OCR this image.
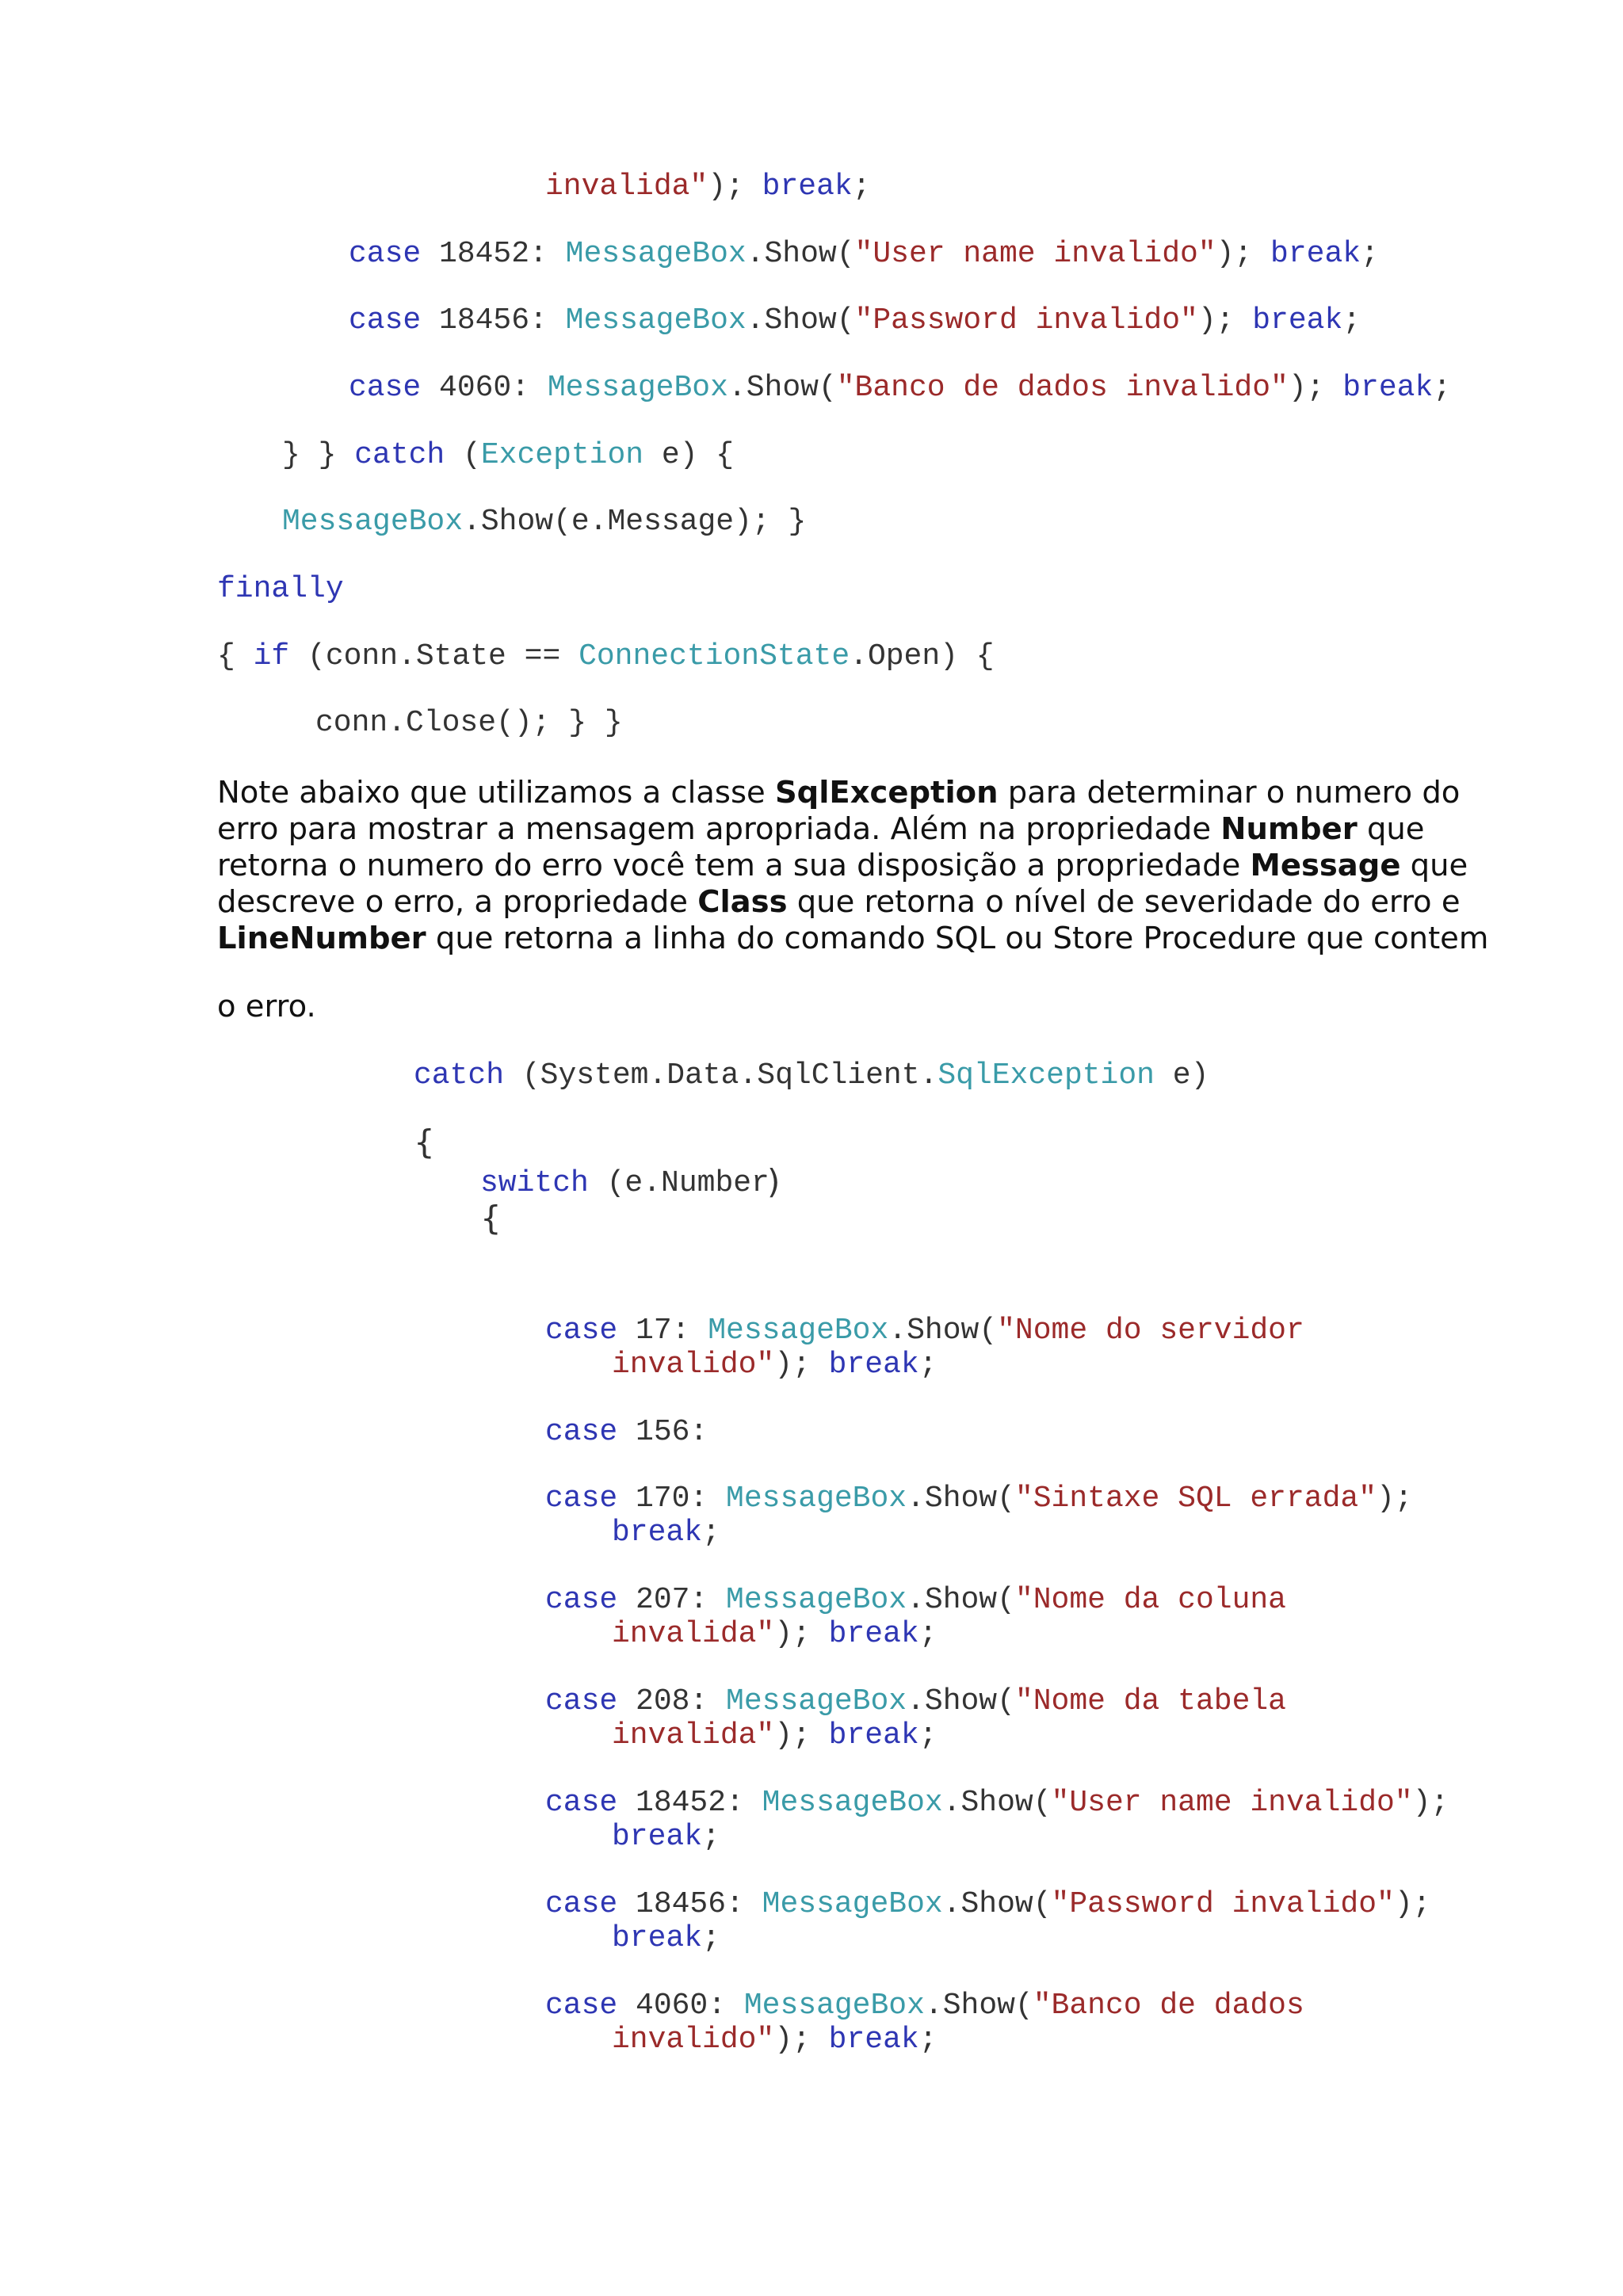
invalida"); break;
case 18452: MessageBox.Show("User name invalido"); break;
case 18456: MessageBox.Show("Password invalido"); break;
case 4060: MessageBox.Show("Banco de dados invalido"); break;
} } catch (Exception e) {
MessageBox.Show(e.Message); }
finally
{ if (conn.State == ConnectionState.Open) {
conn.Close(); } }

Note abaixo que utilizamos a classe SqlException para determinar o numero do erro para mostrar a mensagem apropriada. Além na propriedade Number que retorna o numero do erro você tem a sua disposição a propriedade Message que descreve o erro, a propriedade Class que retorna o nível de severidade do erro e LineNumber que retorna a linha do comando SQL ou Store Procedure que contem

o erro.

catch (System.Data.SqlClient.SqlException e)
switch (e.Number
case 17: MessageBox.Show("Nome do servidor
invalido"); break;
case 156:
case 170: MessageBox.Show("Sintaxe SQL errada");
break;
case 207: MessageBox.Show("Nome da coluna
invalida"); break;
case 208: MessageBox.Show("Nome da tabela
invalida"); break;
case 18452: MessageBox.Show("User name invalido");
break;
case 18456: MessageBox.Show("Password invalido");
break;
case 4060: MessageBox.Show("Banco de dados
invalido"); break;
{
)
{
